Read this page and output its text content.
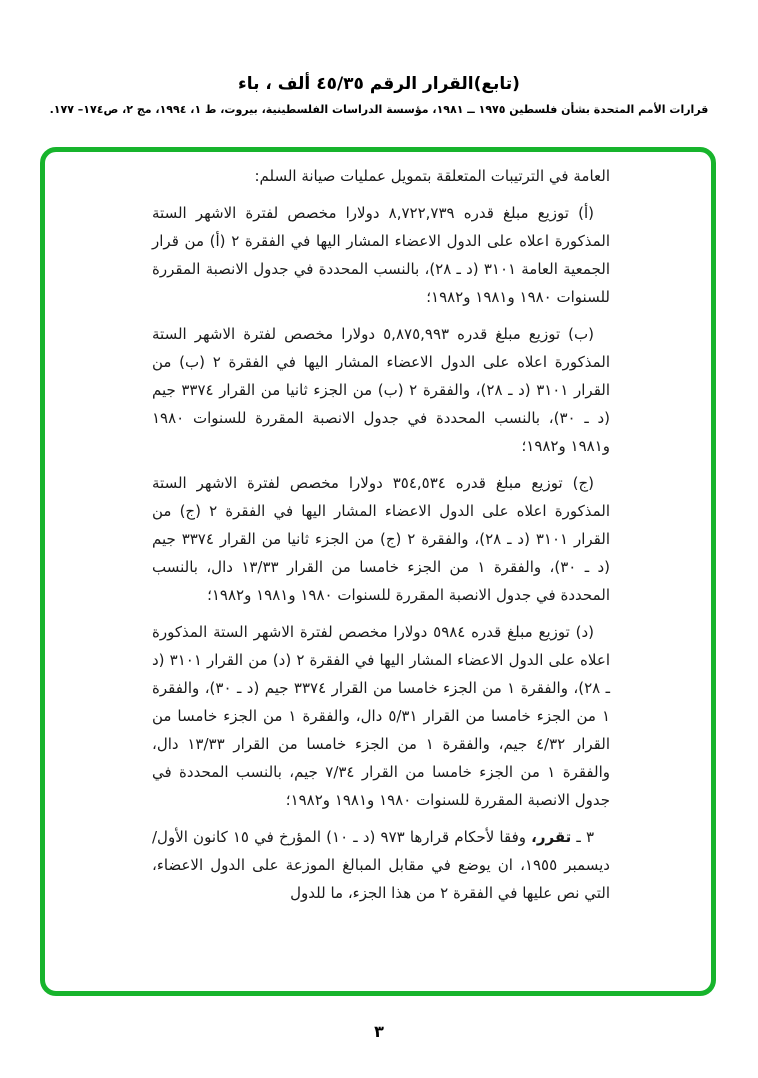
(تابع)القرار الرقم ٤٥/٣٥ ألف ، باء
قرارات الأمم المتحدة بشأن فلسطين ١٩٧٥ ــ ١٩٨١، مؤسسة الدراسات الفلسطينية، بيروت، ط ١، ١٩٩٤، مج ٢، ص١٧٤– ١٧٧.

العامة في الترتيبات المتعلقة بتمويل عمليات صيانة السلم:

(أ) توزيع مبلغ قدره ٨,٧٢٢,٧٣٩ دولارا مخصص لفترة الاشهر الستة المذكورة اعلاه على الدول الاعضاء المشار اليها في الفقرة ٢ (أ) من قرار الجمعية العامة ٣١٠١ (د ـ ٢٨)، بالنسب المحددة في جدول الانصبة المقررة للسنوات ١٩٨٠ و١٩٨١ و١٩٨٢؛

(ب) توزيع مبلغ قدره ٥,٨٧٥,٩٩٣ دولارا مخصص لفترة الاشهر الستة المذكورة اعلاه على الدول الاعضاء المشار اليها في الفقرة ٢ (ب) من القرار ٣١٠١ (د ـ ٢٨)، والفقرة ٢ (ب) من الجزء ثانيا من القرار ٣٣٧٤ جيم (د ـ ٣٠)، بالنسب المحددة في جدول الانصبة المقررة للسنوات ١٩٨٠ و١٩٨١ و١٩٨٢؛

(ج) توزيع مبلغ قدره ٣٥٤,٥٣٤ دولارا مخصص لفترة الاشهر الستة المذكورة اعلاه على الدول الاعضاء المشار اليها في الفقرة ٢ (ج) من القرار ٣١٠١ (د ـ ٢٨)، والفقرة ٢ (ج) من الجزء ثانيا من القرار ٣٣٧٤ جيم (د ـ ٣٠)، والفقرة ١ من الجزء خامسا من القرار ١٣/٣٣ دال، بالنسب المحددة في جدول الانصبة المقررة للسنوات ١٩٨٠ و١٩٨١ و١٩٨٢؛

(د) توزيع مبلغ قدره ٥٩٨٤ دولارا مخصص لفترة الاشهر الستة المذكورة اعلاه على الدول الاعضاء المشار اليها في الفقرة ٢ (د) من القرار ٣١٠١ (د ـ ٢٨)، والفقرة ١ من الجزء خامسا من القرار ٣٣٧٤ جيم (د ـ ٣٠)، والفقرة ١ من الجزء خامسا من القرار ٥/٣١ دال، والفقرة ١ من الجزء خامسا من القرار ٤/٣٢ جيم، والفقرة ١ من الجزء خامسا من القرار ١٣/٣٣ دال، والفقرة ١ من الجزء خامسا من القرار ٧/٣٤ جيم، بالنسب المحددة في جدول الانصبة المقررة للسنوات ١٩٨٠ و١٩٨١ و١٩٨٢؛

٣ ـ تقرر، وفقا لأحكام قرارها ٩٧٣ (د ـ ١٠) المؤرخ في ١٥ كانون الأول/ديسمبر ١٩٥٥، ان يوضع في مقابل المبالغ الموزعة على الدول الاعضاء، التي نص عليها في الفقرة ٢ من هذا الجزء، ما للدول

٣
